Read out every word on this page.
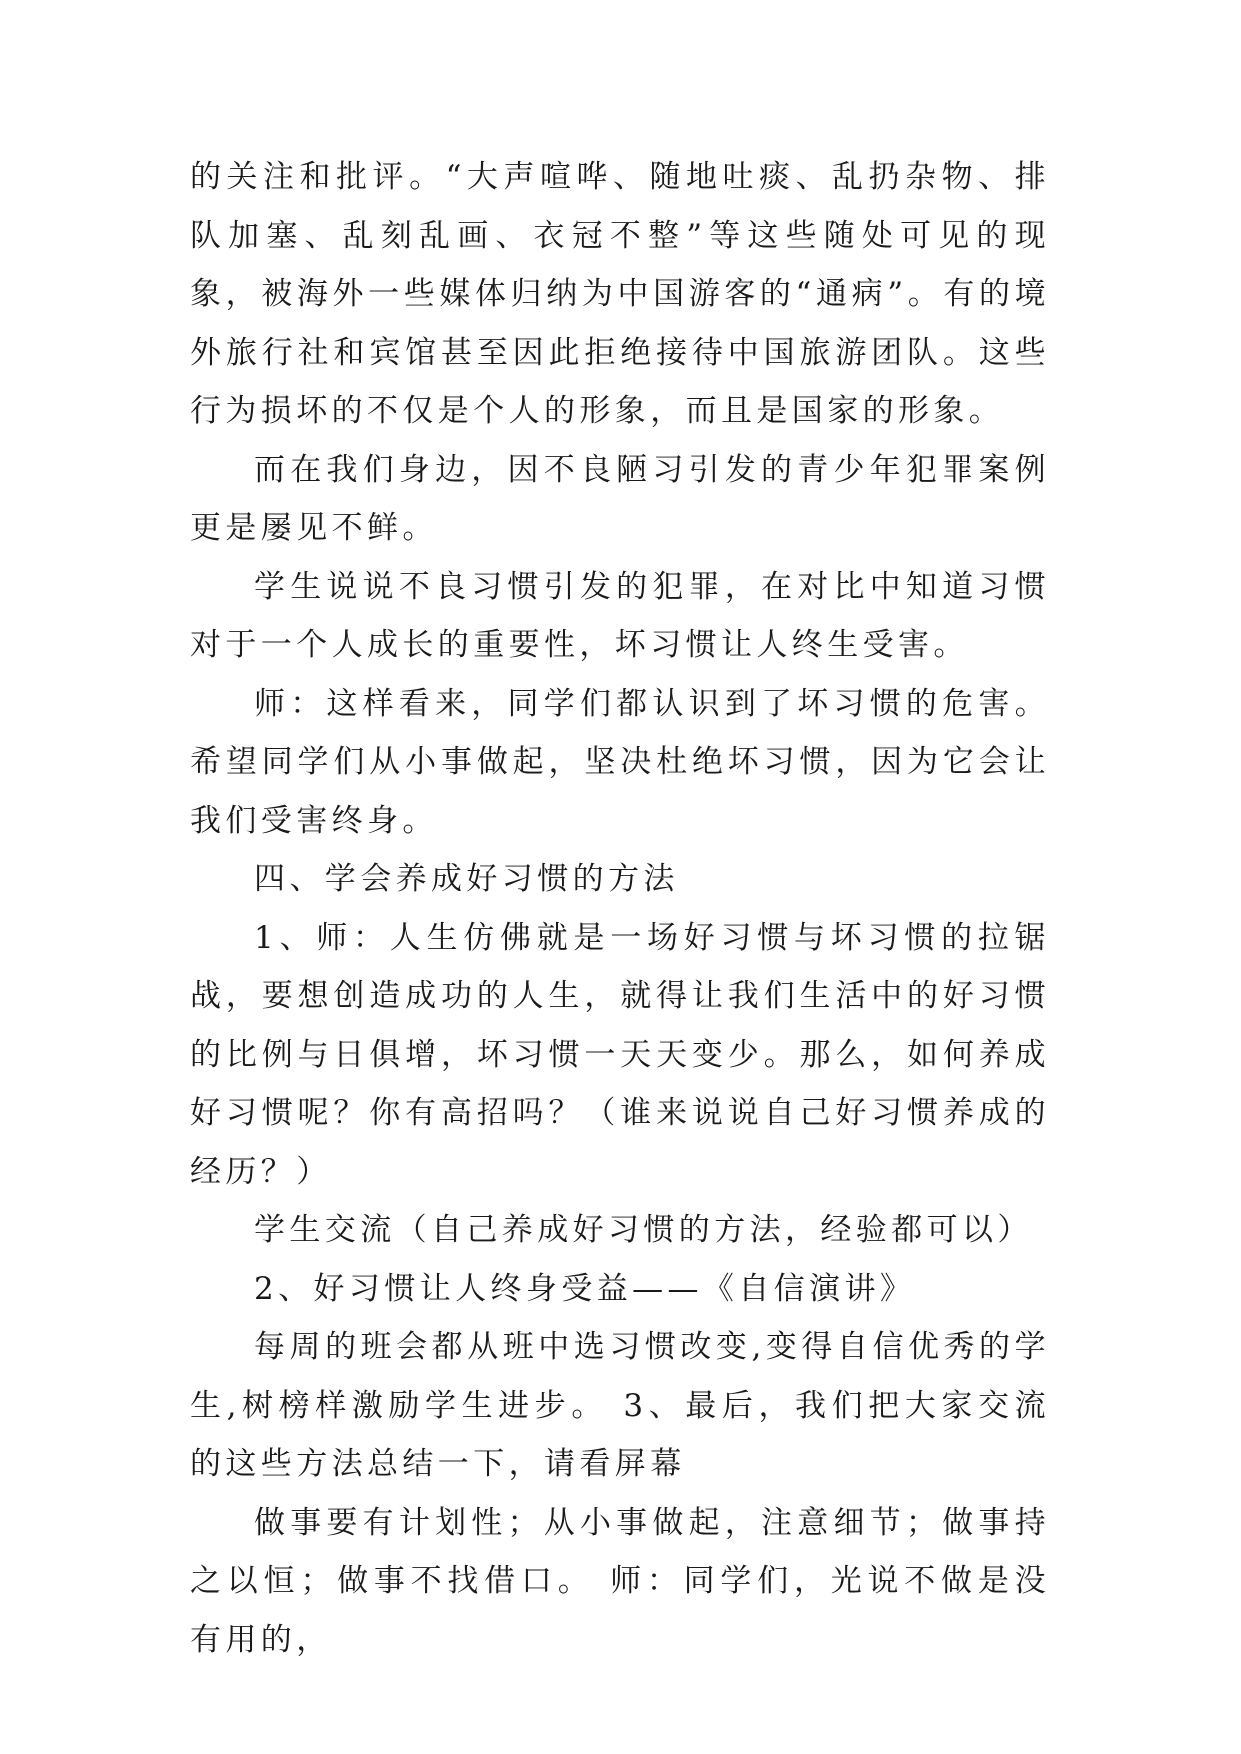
的关注和批评。“大声喧哗、随地吐痰、乱扔杂物、排队加塞、乱刻乱画、衣冠不整”等这些随处可见的现象，被海外一些媒体归纳为中国游客的“通病”。有的境外旅行社和宾馆甚至因此拒绝接待中国旅游团队。这些行为损坏的不仅是个人的形象，而且是国家的形象。

而在我们身边，因不良陋习引发的青少年犯罪案例更是屡见不鲜。

学生说说不良习惯引发的犯罪，在对比中知道习惯对于一个人成长的重要性，坏习惯让人终生受害。

师：这样看来，同学们都认识到了坏习惯的危害。希望同学们从小事做起，坚决杜绝坏习惯，因为它会让我们受害终身。

四、学会养成好习惯的方法

1、师：人生仿佛就是一场好习惯与坏习惯的拉锯战，要想创造成功的人生，就得让我们生活中的好习惯的比例与日俱增，坏习惯一天天变少。那么，如何养成好习惯呢？你有高招吗？（谁来说说自己好习惯养成的经历？）

学生交流（自己养成好习惯的方法，经验都可以）

2、好习惯让人终身受益——《自信演讲》

每周的班会都从班中选习惯改变,变得自信优秀的学生,树榜样激励学生进步。 3、最后，我们把大家交流的这些方法总结一下，请看屏幕

做事要有计划性；从小事做起，注意细节；做事持之以恒；做事不找借口。 师：同学们，光说不做是没有用的，
